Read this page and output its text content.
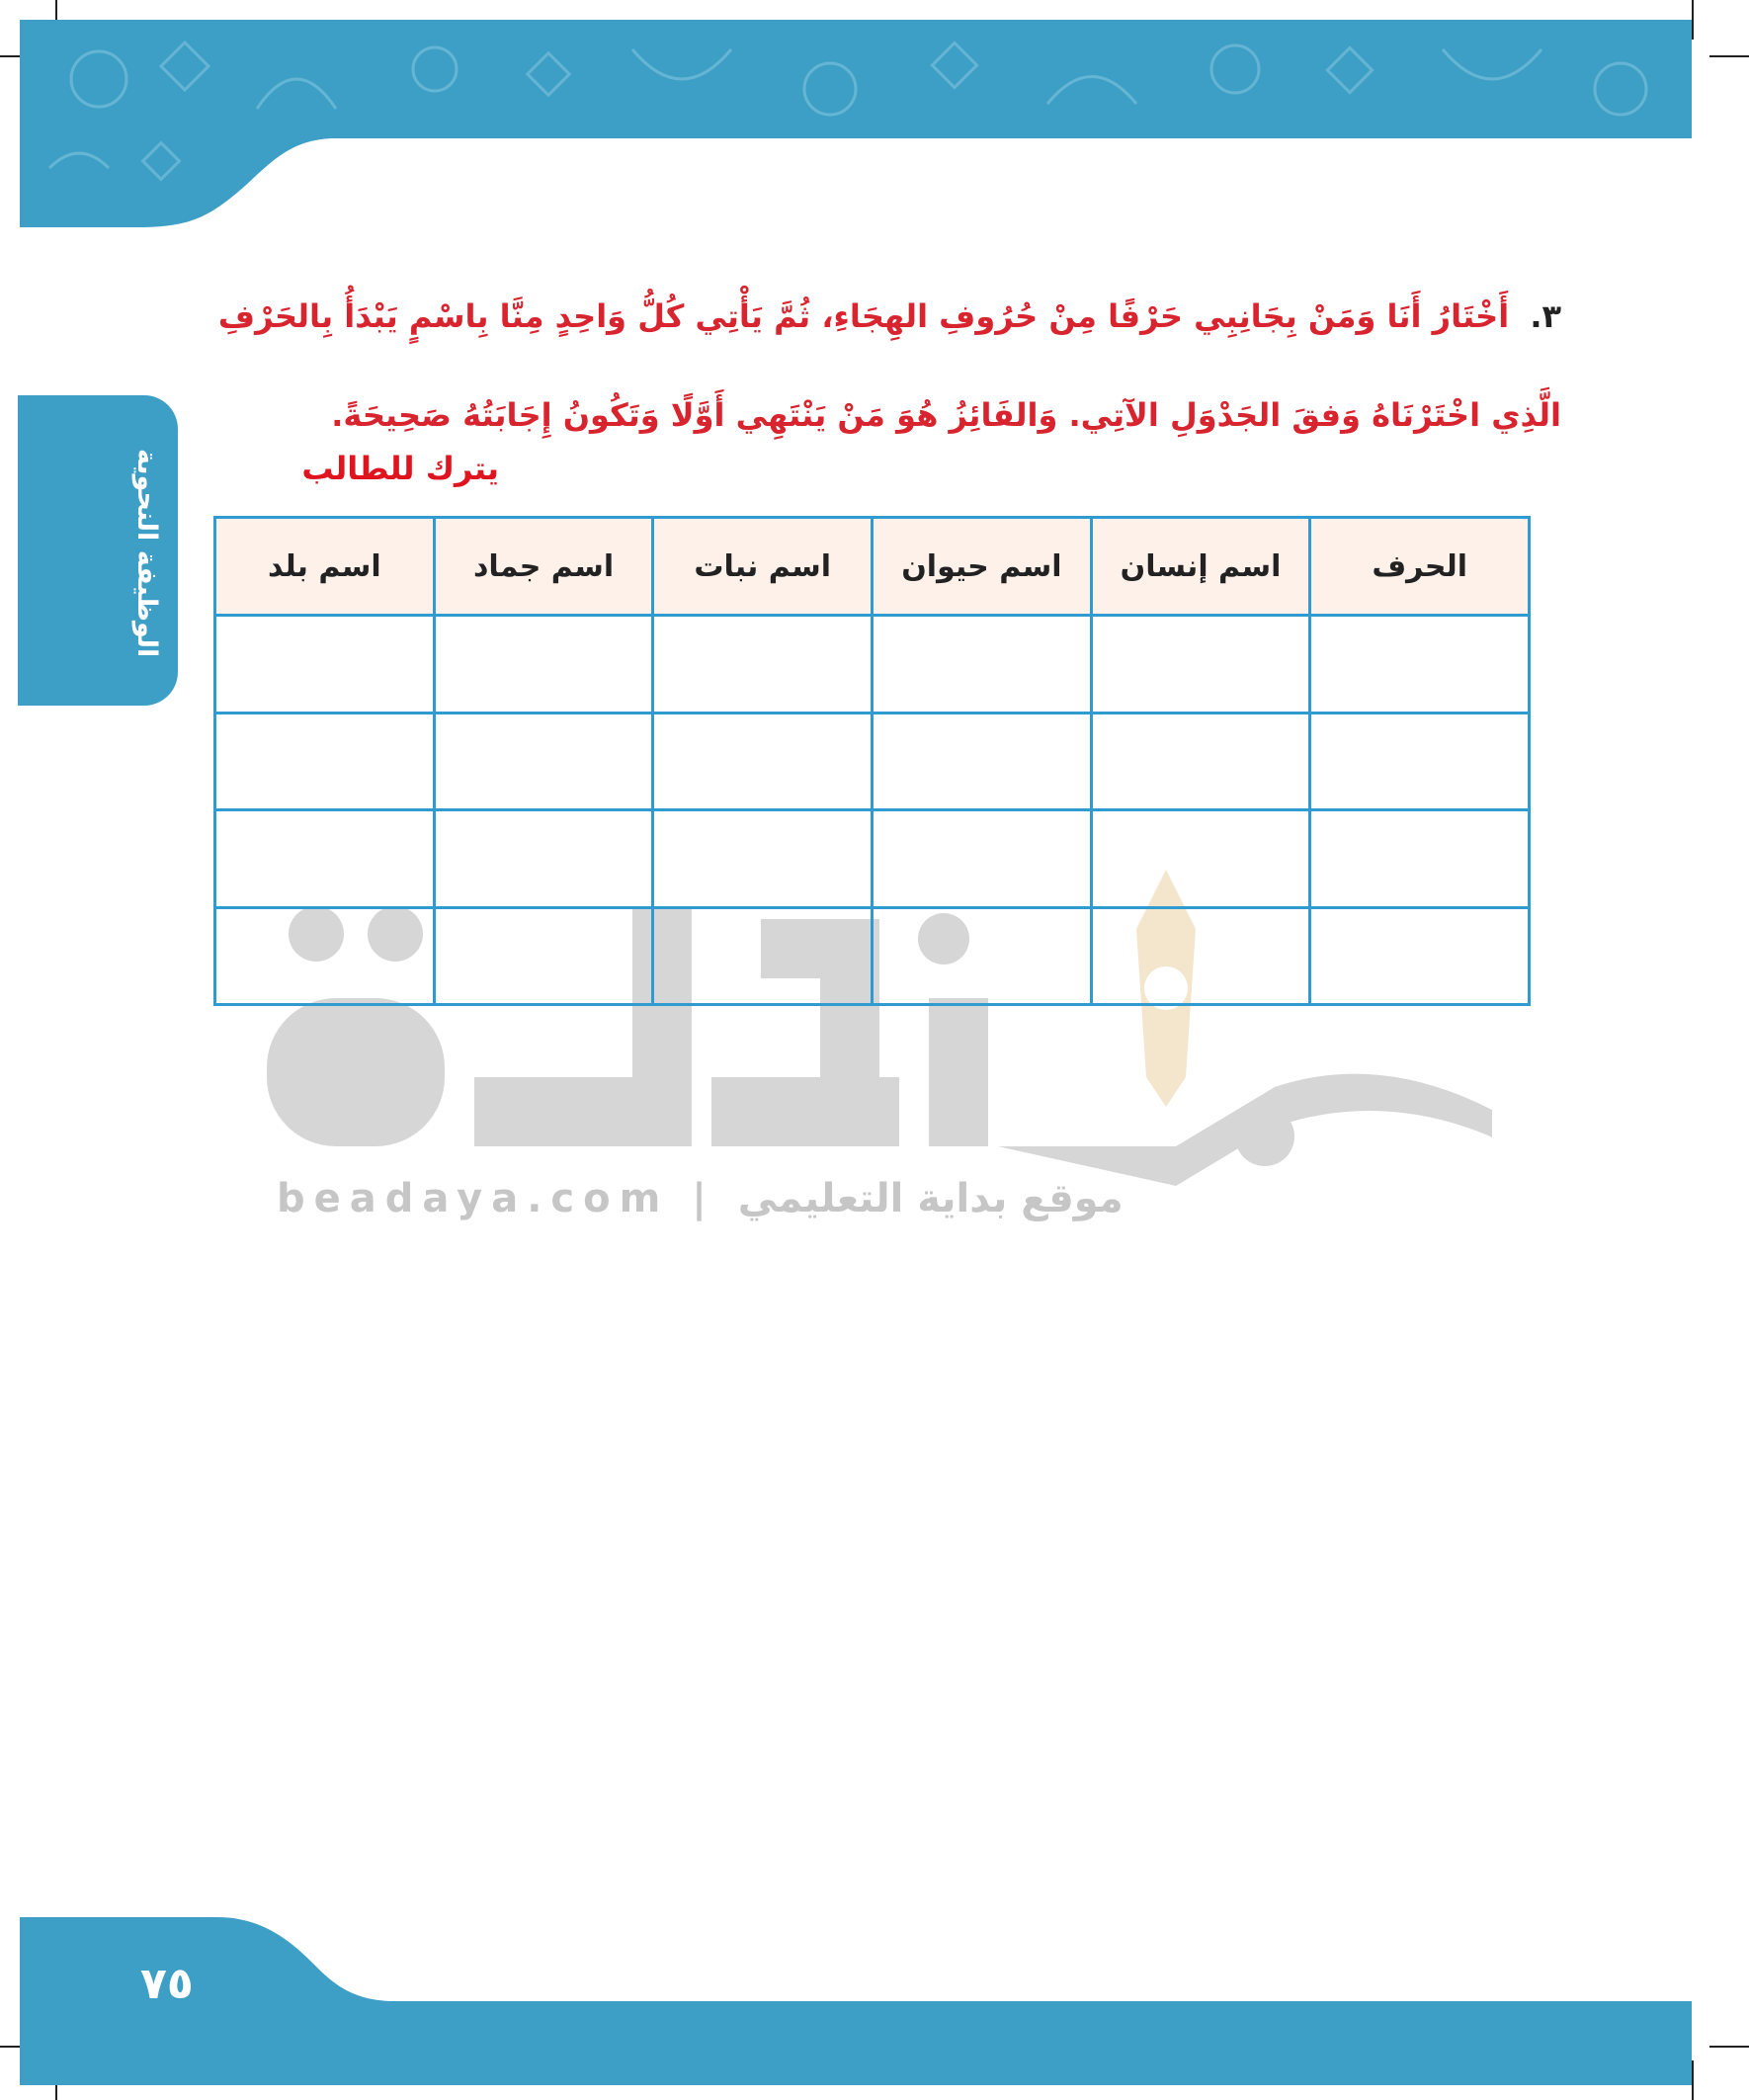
الوظيفة النحوية
٣. أَخْتَارُ أَنَا وَمَنْ بِجَانِبِي حَرْفًا مِنْ حُرُوفِ الهِجَاءِ، ثُمَّ يَأْتِي كُلُّ وَاحِدٍ مِنَّا بِاسْمٍ يَبْدَأُ بِالحَرْفِ
الَّذِي اخْتَرْنَاهُ وَفقَ الجَدْوَلِ الآتِي. وَالفَائِزُ هُوَ مَنْ يَنْتَهِي أَوَّلًا وَتَكُونُ إِجَابَتُهُ صَحِيحَةً.
يترك للطالب
الحرف	اسم إنسان	اسم حيوان	اسم نبات	اسم جماد	اسم بلد

beadaya.com | موقع بداية التعليمي
٧٥
